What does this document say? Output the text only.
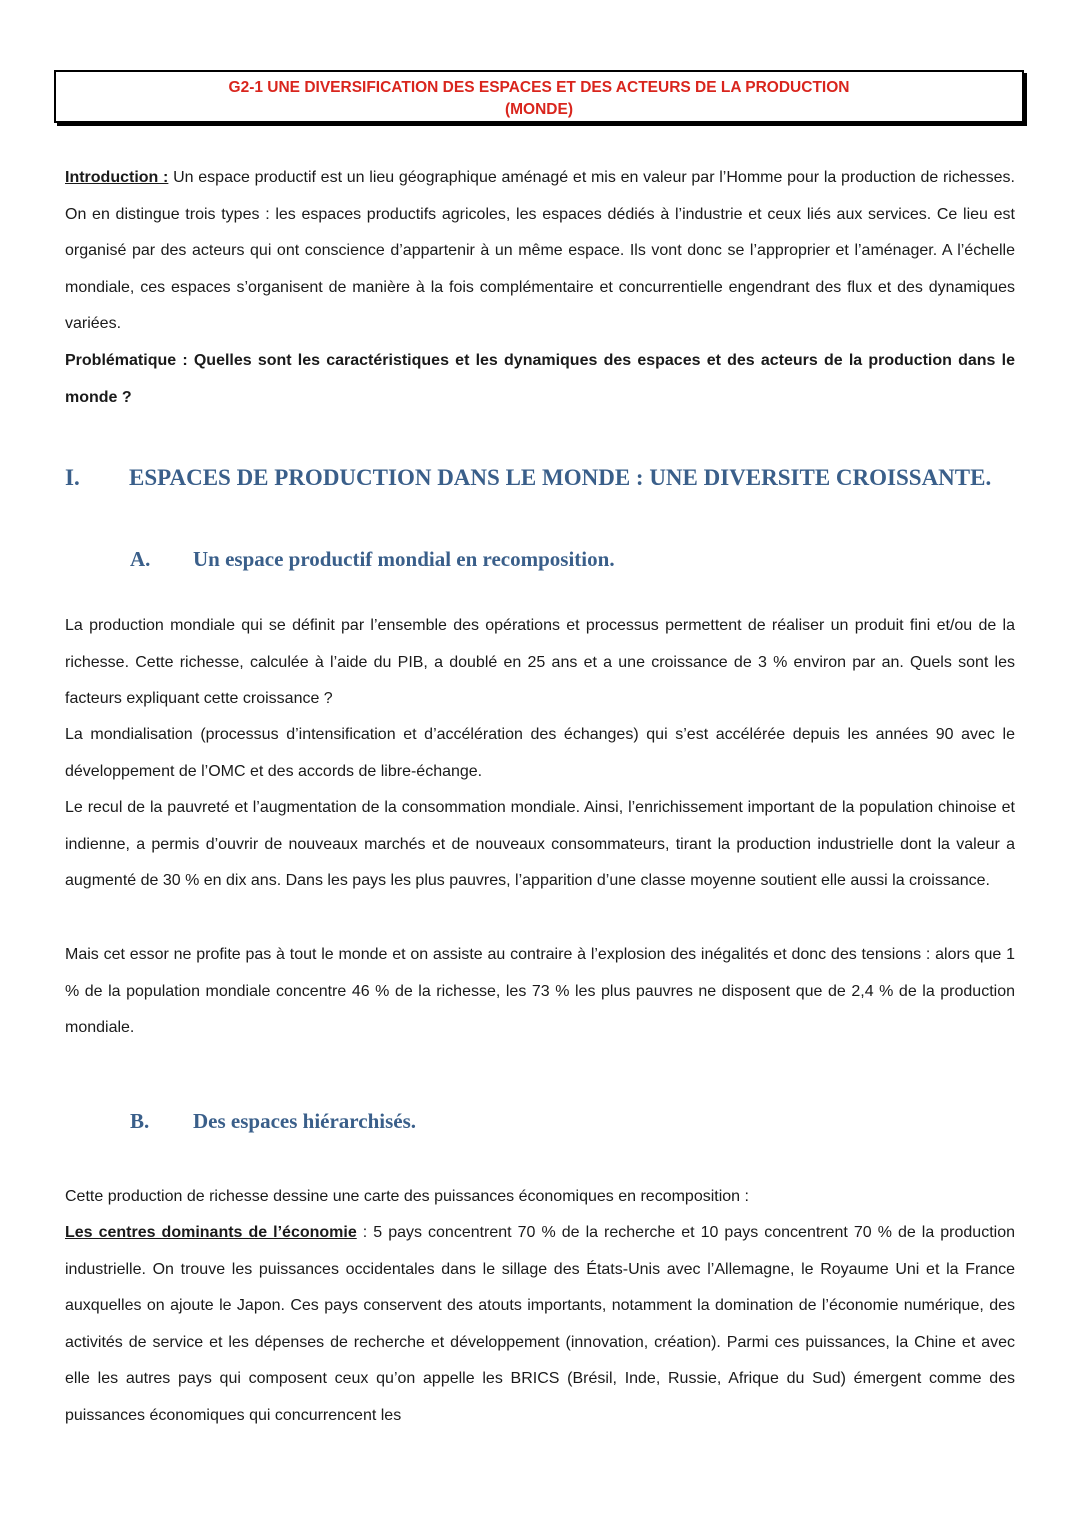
G2-1 UNE DIVERSIFICATION DES ESPACES ET DES ACTEURS DE LA PRODUCTION
(MONDE)

Introduction : Un espace productif est un lieu géographique aménagé et mis en valeur par l’Homme pour la production de richesses. On en distingue trois types : les espaces productifs agricoles, les espaces dédiés à l’industrie et ceux liés aux services. Ce lieu est organisé par des acteurs qui ont conscience d’appartenir à un même espace. Ils vont donc se l’approprier et l’aménager. A l’échelle mondiale, ces espaces s’organisent de manière à la fois complémentaire et concurrentielle engendrant des flux et des dynamiques variées.

Problématique : Quelles sont les caractéristiques et les dynamiques des espaces et des acteurs de la production dans le monde ?

I. ESPACES DE PRODUCTION DANS LE MONDE : UNE DIVERSITE CROISSANTE.
A. Un espace productif mondial en recomposition.

La production mondiale qui se définit par l’ensemble des opérations et processus permettent de réaliser un produit fini et/ou de la richesse. Cette richesse, calculée à l’aide du PIB, a doublé en 25 ans et a une croissance de 3 % environ par an. Quels sont les facteurs expliquant cette croissance ?

La mondialisation (processus d’intensification et d’accélération des échanges) qui s’est accélérée depuis les années 90 avec le développement de l’OMC et des accords de libre-échange.

Le recul de la pauvreté et l’augmentation de la consommation mondiale. Ainsi, l’enrichissement important de la population chinoise et indienne, a permis d’ouvrir de nouveaux marchés et de nouveaux consommateurs, tirant la production industrielle dont la valeur a augmenté de 30 % en dix ans. Dans les pays les plus pauvres, l’apparition d’une classe moyenne soutient elle aussi la croissance.

Mais cet essor ne profite pas à tout le monde et on assiste au contraire à l’explosion des inégalités et donc des tensions : alors que 1 % de la population mondiale concentre 46 % de la richesse, les 73 % les plus pauvres ne disposent que de 2,4 % de la production mondiale.

B. Des espaces hiérarchisés.

Cette production de richesse dessine une carte des puissances économiques en recomposition :

Les centres dominants de l’économie : 5 pays concentrent 70 % de la recherche et 10 pays concentrent 70 % de la production industrielle. On trouve les puissances occidentales dans le sillage des États-Unis avec l’Allemagne, le Royaume Uni et la France auxquelles on ajoute le Japon. Ces pays conservent des atouts importants, notamment la domination de l’économie numérique, des activités de service et les dépenses de recherche et développement (innovation, création). Parmi ces puissances, la Chine et avec elle les autres pays qui composent ceux qu’on appelle les BRICS (Brésil, Inde, Russie, Afrique du Sud) émergent comme des puissances économiques qui concurrencent les
